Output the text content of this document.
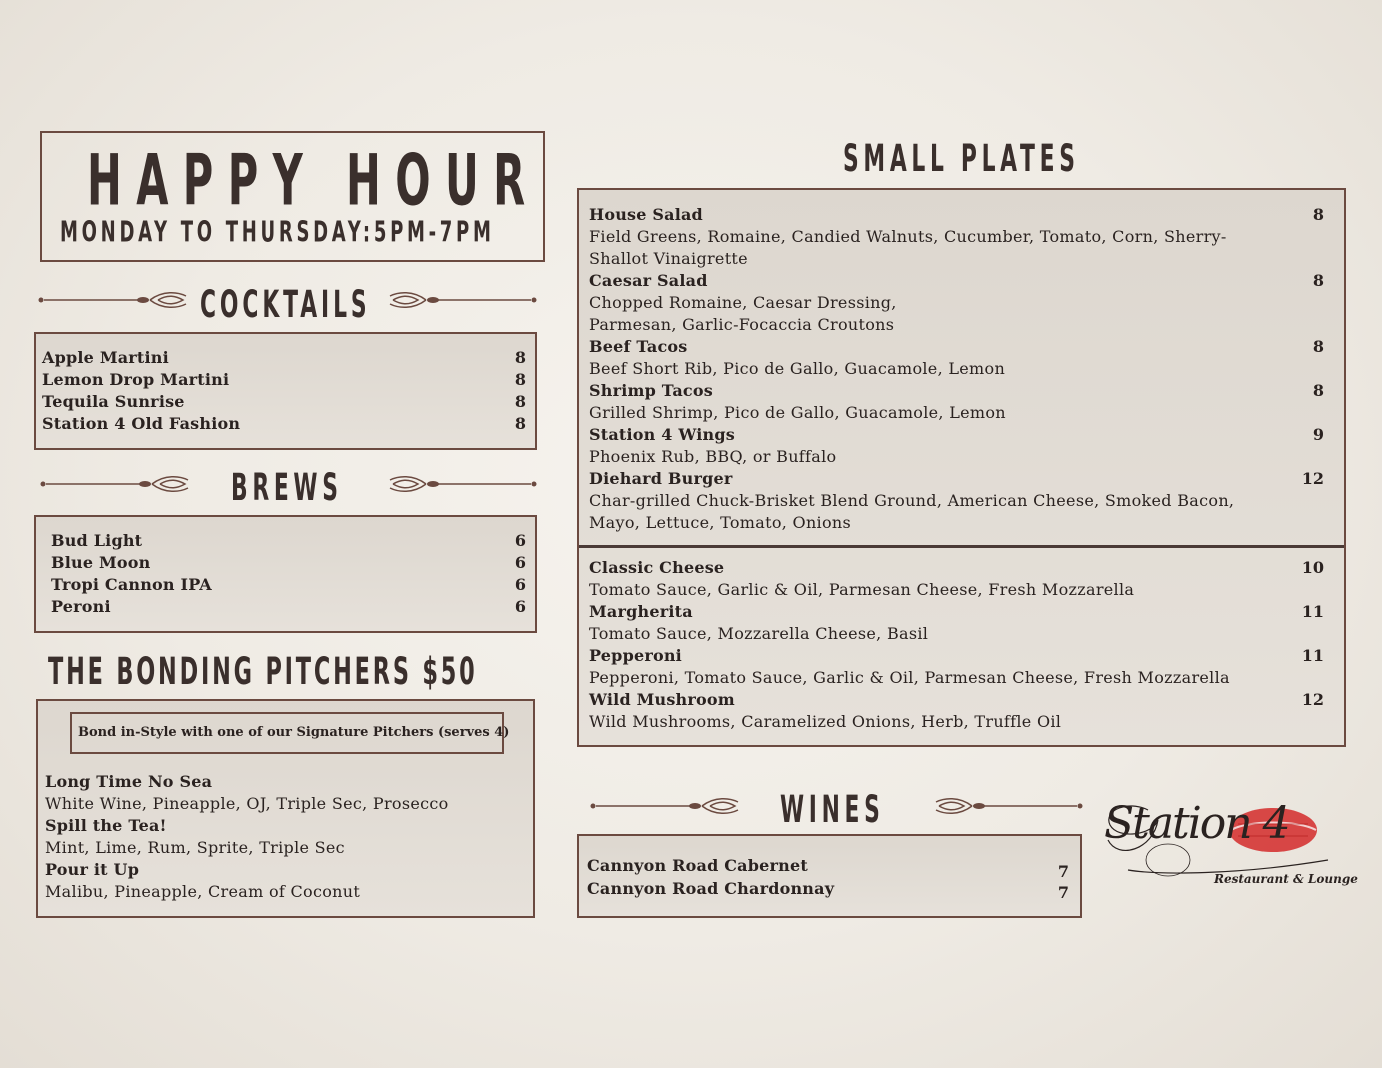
HAPPY HOUR
MONDAY TO THURSDAY:5PM-7PM
COCKTAILS
Apple Martini	8
Lemon Drop Martini	8
Tequila Sunrise	8
Station 4 Old Fashion	8
BREWS
Bud Light	6
Blue Moon	6
Tropi Cannon IPA	6
Peroni	6
THE BONDING PITCHERS $50
Bond in-Style with one of our Signature Pitchers (serves 4)
Long Time No Sea
White Wine, Pineapple, OJ, Triple Sec, Prosecco
Spill the Tea!
Mint, Lime, Rum, Sprite, Triple Sec
Pour it Up
Malibu, Pineapple, Cream of Coconut
SMALL PLATES
House Salad	8
Field Greens, Romaine, Candied Walnuts, Cucumber, Tomato, Corn, Sherry-
Shallot Vinaigrette
Caesar Salad	8
Chopped Romaine, Caesar Dressing,
Parmesan, Garlic-Focaccia Croutons
Beef Tacos	8
Beef Short Rib, Pico de Gallo, Guacamole, Lemon
Shrimp Tacos	8
Grilled Shrimp, Pico de Gallo, Guacamole, Lemon
Station 4 Wings	9
Phoenix Rub, BBQ, or Buffalo
Diehard Burger	12
Char-grilled Chuck-Brisket Blend Ground, American Cheese, Smoked Bacon,
Mayo, Lettuce, Tomato, Onions
Classic Cheese	10
Tomato Sauce, Garlic & Oil, Parmesan Cheese, Fresh Mozzarella
Margherita	11
Tomato Sauce, Mozzarella Cheese, Basil
Pepperoni	11
Pepperoni, Tomato Sauce, Garlic & Oil, Parmesan Cheese, Fresh Mozzarella
Wild Mushroom	12
Wild Mushrooms, Caramelized Onions, Herb, Truffle Oil
WINES
Cannyon Road Cabernet	7
Cannyon Road Chardonnay	7
Station 4
Restaurant & Lounge
